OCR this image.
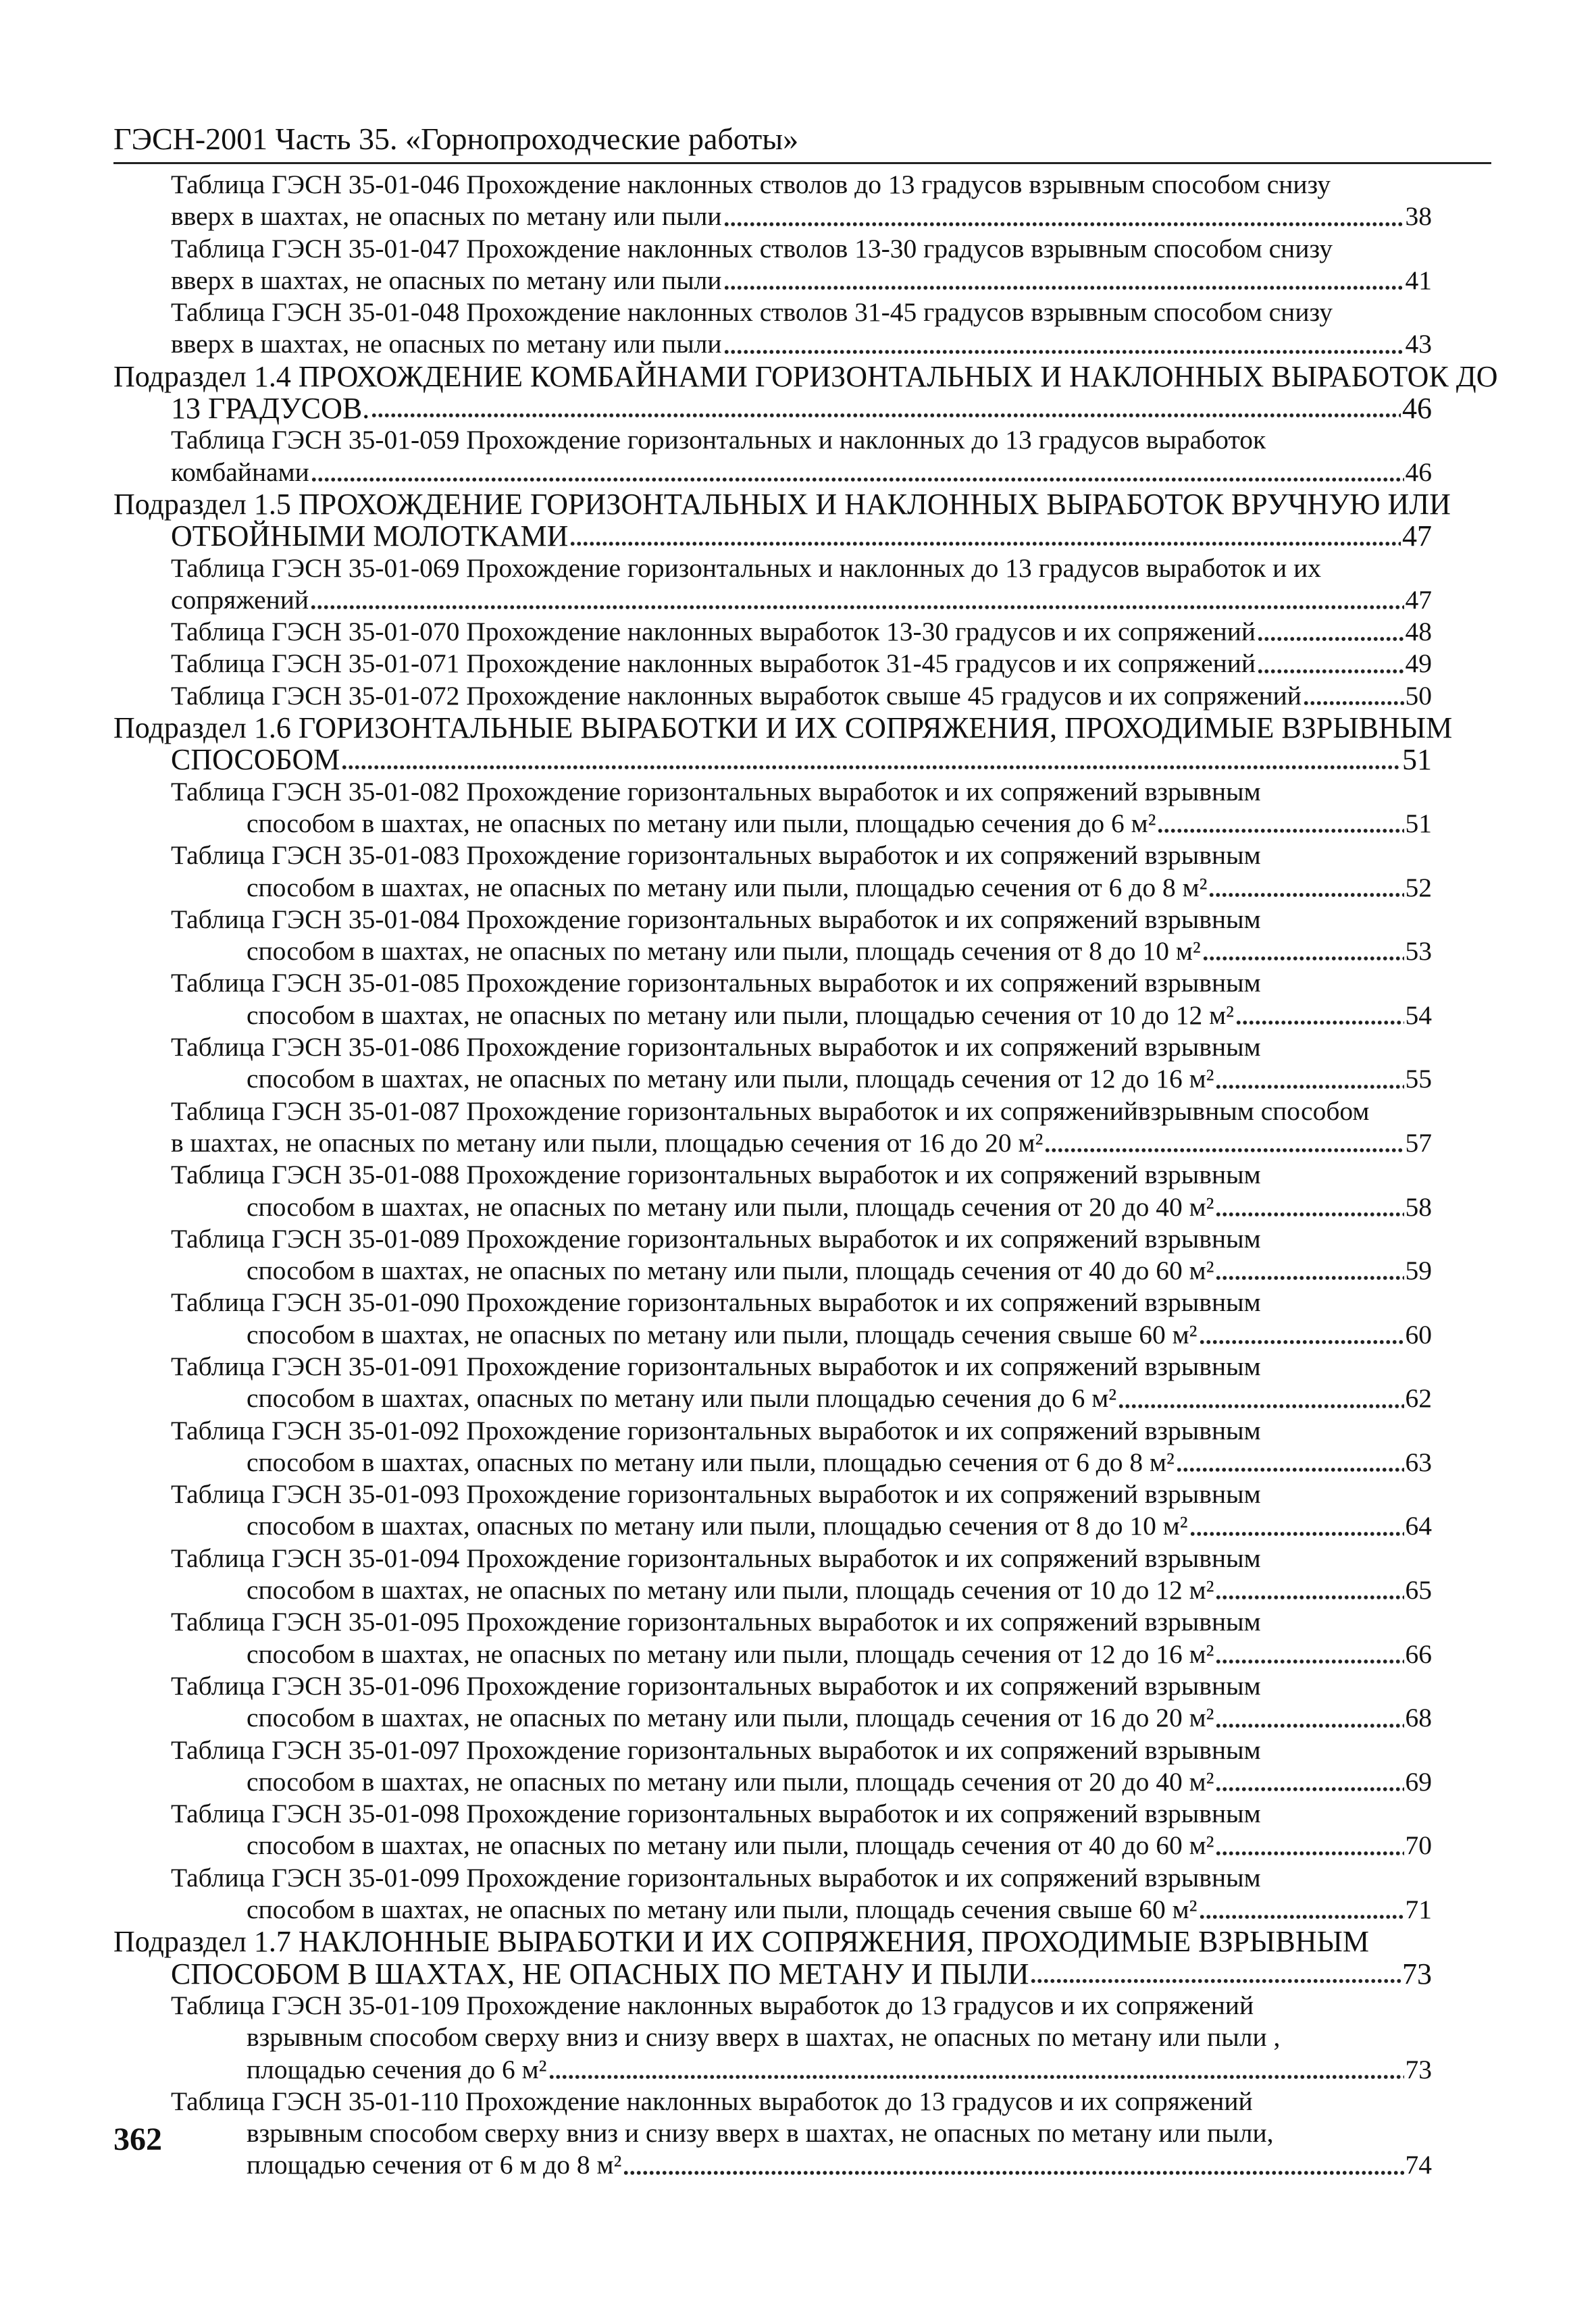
ГЭСН-2001 Часть 35. «Горнопроходческие работы»
Таблица ГЭСН 35-01-046 Прохождение наклонных стволов до 13 градусов взрывным способом снизу
вверх в шахтах, не опасных по метану или пыли	38
Таблица ГЭСН 35-01-047 Прохождение наклонных стволов 13-30 градусов взрывным способом снизу
вверх в шахтах, не опасных по метану или пыли	41
Таблица ГЭСН 35-01-048 Прохождение наклонных стволов 31-45 градусов взрывным способом снизу
вверх в шахтах, не опасных по метану или пыли	43
Подраздел 1.4 ПРОХОЖДЕНИЕ КОМБАЙНАМИ ГОРИЗОНТАЛЬНЫХ И НАКЛОННЫХ ВЫРАБОТОК ДО
13 ГРАДУСОВ.	46
Таблица ГЭСН 35-01-059 Прохождение горизонтальных и наклонных до 13 градусов выработок
комбайнами	46
Подраздел 1.5 ПРОХОЖДЕНИЕ ГОРИЗОНТАЛЬНЫХ И НАКЛОННЫХ ВЫРАБОТОК ВРУЧНУЮ ИЛИ
ОТБОЙНЫМИ МОЛОТКАМИ	47
Таблица ГЭСН 35-01-069 Прохождение горизонтальных и наклонных до 13 градусов выработок и их
сопряжений	47
Таблица ГЭСН 35-01-070 Прохождение наклонных выработок 13-30 градусов и их сопряжений	48
Таблица ГЭСН 35-01-071 Прохождение наклонных выработок 31-45 градусов и их сопряжений	49
Таблица ГЭСН 35-01-072 Прохождение наклонных выработок свыше 45 градусов и их сопряжений	50
Подраздел 1.6 ГОРИЗОНТАЛЬНЫЕ ВЫРАБОТКИ И ИХ СОПРЯЖЕНИЯ, ПРОХОДИМЫЕ ВЗРЫВНЫМ
СПОСОБОМ	51
Таблица ГЭСН 35-01-082 Прохождение горизонтальных выработок и их сопряжений взрывным
способом в шахтах, не опасных по метану или пыли, площадью сечения до 6 м²	51
Таблица ГЭСН 35-01-083 Прохождение горизонтальных выработок и их сопряжений взрывным
способом в шахтах, не опасных по метану или пыли, площадью сечения от 6 до 8 м²	52
Таблица ГЭСН 35-01-084 Прохождение горизонтальных выработок и их сопряжений взрывным
способом в шахтах, не опасных по метану или пыли, площадь сечения от 8 до 10 м²	53
Таблица ГЭСН 35-01-085 Прохождение горизонтальных выработок и их сопряжений взрывным
способом в шахтах, не опасных по метану или пыли, площадью сечения от 10 до 12 м²	54
Таблица ГЭСН 35-01-086 Прохождение горизонтальных выработок и их сопряжений взрывным
способом в шахтах, не опасных по метану или пыли, площадь сечения от 12 до 16 м²	55
Таблица ГЭСН 35-01-087 Прохождение горизонтальных выработок и их сопряженийвзрывным способом
в шахтах, не опасных по метану или пыли, площадью сечения от 16 до 20 м²	57
Таблица ГЭСН 35-01-088 Прохождение горизонтальных выработок и их сопряжений взрывным
способом в шахтах, не опасных по метану или пыли, площадь сечения от 20 до 40 м²	58
Таблица ГЭСН 35-01-089 Прохождение горизонтальных выработок и их сопряжений взрывным
способом в шахтах, не опасных по метану или пыли, площадь сечения от 40 до 60 м²	59
Таблица ГЭСН 35-01-090 Прохождение горизонтальных выработок и их сопряжений взрывным
способом в шахтах, не опасных по метану или пыли, площадь сечения свыше 60 м²	60
Таблица ГЭСН 35-01-091 Прохождение горизонтальных выработок и их сопряжений взрывным
способом в шахтах, опасных по метану или пыли площадью сечения до 6 м²	62
Таблица ГЭСН 35-01-092 Прохождение горизонтальных выработок и их сопряжений взрывным
способом в шахтах, опасных по метану или пыли, площадью сечения от 6 до 8 м²	63
Таблица ГЭСН 35-01-093 Прохождение горизонтальных выработок и их сопряжений взрывным
способом в шахтах, опасных по метану или пыли, площадью сечения от 8 до 10 м²	64
Таблица ГЭСН 35-01-094 Прохождение горизонтальных выработок и их сопряжений взрывным
способом в шахтах, не опасных по метану или пыли, площадь сечения от 10 до 12 м²	65
Таблица ГЭСН 35-01-095 Прохождение горизонтальных выработок и их сопряжений взрывным
способом в шахтах, не опасных по метану или пыли, площадь сечения от 12 до 16 м²	66
Таблица ГЭСН 35-01-096 Прохождение горизонтальных выработок и их сопряжений взрывным
способом в шахтах, не опасных по метану или пыли, площадь сечения от 16 до 20 м²	68
Таблица ГЭСН 35-01-097 Прохождение горизонтальных выработок и их сопряжений взрывным
способом в шахтах, не опасных по метану или пыли, площадь сечения от 20 до 40 м²	69
Таблица ГЭСН 35-01-098 Прохождение горизонтальных выработок и их сопряжений взрывным
способом в шахтах, не опасных по метану или пыли, площадь сечения от 40 до 60 м²	70
Таблица ГЭСН 35-01-099 Прохождение горизонтальных выработок и их сопряжений взрывным
способом в шахтах, не опасных по метану или пыли, площадь сечения свыше 60 м²	71
Подраздел 1.7 НАКЛОННЫЕ ВЫРАБОТКИ И ИХ СОПРЯЖЕНИЯ, ПРОХОДИМЫЕ ВЗРЫВНЫМ
СПОСОБОМ В ШАХТАХ, НЕ ОПАСНЫХ ПО МЕТАНУ И ПЫЛИ	73
Таблица ГЭСН 35-01-109 Прохождение наклонных выработок до 13 градусов и их сопряжений
взрывным способом сверху вниз и снизу вверх в шахтах, не опасных по метану или пыли ,
площадью сечения до 6 м²	73
Таблица ГЭСН 35-01-110 Прохождение наклонных выработок до 13 градусов и их сопряжений
взрывным способом сверху вниз и снизу вверх в шахтах, не опасных по метану или пыли,
площадью сечения от 6 м до 8 м²	74
362
